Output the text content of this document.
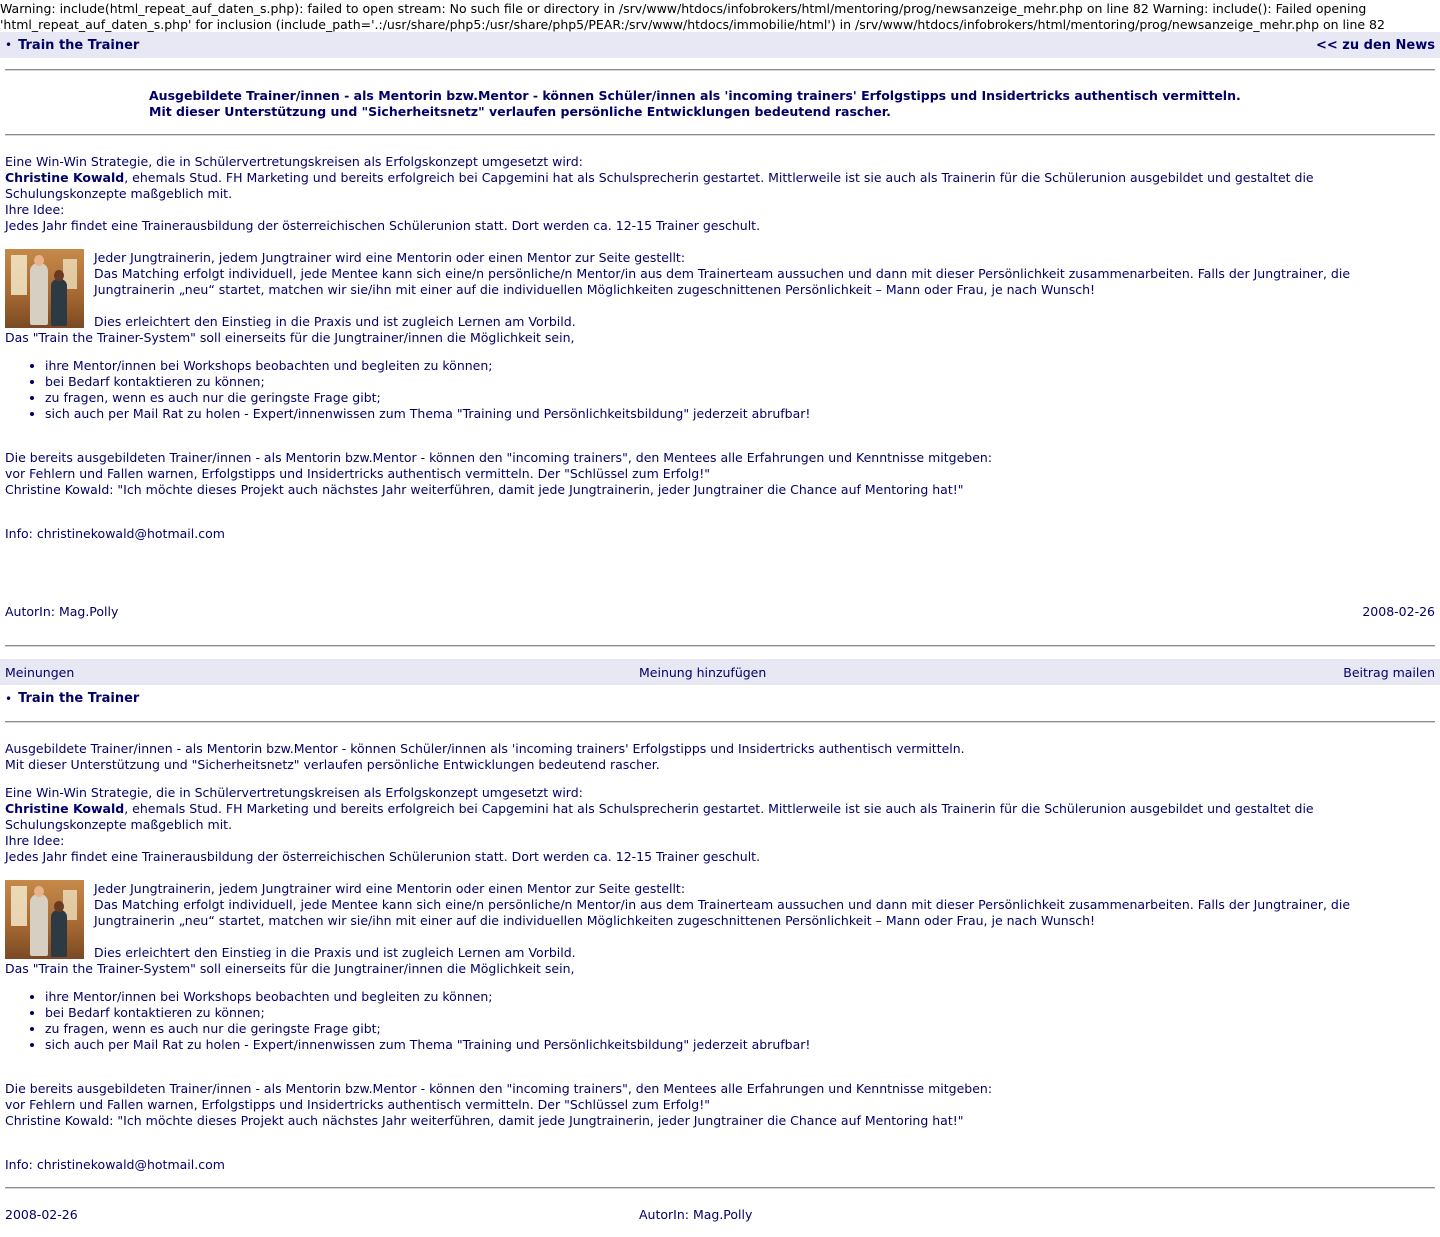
Warning: include(html_repeat_auf_daten_s.php): failed to open stream: No such file or directory in /srv/www/htdocs/infobrokers/html/mentoring/prog/newsanzeige_mehr.php on line 82 Warning: include(): Failed opening 'html_repeat_auf_daten_s.php' for inclusion (include_path='.:/usr/share/php5:/usr/share/php5/PEAR:/srv/www/htdocs/immobilie/html') in /srv/www/htdocs/infobrokers/html/mentoring/prog/newsanzeige_mehr.php on line 82
• Train the Trainer	<< zu den News
Ausgebildete Trainer/innen - als Mentorin bzw.Mentor - können Schüler/innen als 'incoming trainers' Erfolgstipps und Insidertricks authentisch vermitteln.
Mit dieser Unterstützung und "Sicherheitsnetz" verlaufen persönliche Entwicklungen bedeutend rascher.

Eine Win-Win Strategie, die in Schülervertretungskreisen als Erfolgskonzept umgesetzt wird:

Christine Kowald, ehemals Stud. FH Marketing und bereits erfolgreich bei Capgemini hat als Schulsprecherin gestartet. Mittlerweile ist sie auch als Trainerin für die Schülerunion ausgebildet und gestaltet die Schulungskonzepte maßgeblich mit.

Ihre Idee:

Jedes Jahr findet eine Trainerausbildung der österreichischen Schülerunion statt. Dort werden ca. 12-15 Trainer geschult.

Jeder Jungtrainerin, jedem Jungtrainer wird eine Mentorin oder einen Mentor zur Seite gestellt:

Das Matching erfolgt individuell, jede Mentee kann sich eine/n persönliche/n Mentor/in aus dem Trainerteam aussuchen und dann mit dieser Persönlichkeit zusammenarbeiten. Falls der Jungtrainer, die Jungtrainerin „neu“ startet, matchen wir sie/ihn mit einer auf die individuellen Möglichkeiten zugeschnittenen Persönlichkeit – Mann oder Frau, je nach Wunsch!

Dies erleichtert den Einstieg in die Praxis und ist zugleich Lernen am Vorbild.

Das "Train the Trainer-System" soll einerseits für die Jungtrainer/innen die Möglichkeit sein,
• ihre Mentor/innen bei Workshops beobachten und begleiten zu können;
• bei Bedarf kontaktieren zu können;
• zu fragen, wenn es auch nur die geringste Frage gibt;
• sich auch per Mail Rat zu holen - Expert/innenwissen zum Thema "Training und Persönlichkeitsbildung" jederzeit abrufbar!

Die bereits ausgebildeten Trainer/innen - als Mentorin bzw.Mentor - können den "incoming trainers", den Mentees alle Erfahrungen und Kenntnisse mitgeben:

vor Fehlern und Fallen warnen, Erfolgstipps und Insidertricks authentisch vermitteln. Der "Schlüssel zum Erfolg!"

Christine Kowald: "Ich möchte dieses Projekt auch nächstes Jahr weiterführen, damit jede Jungtrainerin, jeder Jungtrainer die Chance auf Mentoring hat!"

Info: christinekowald@hotmail.com
AutorIn: Mag.Polly	2008-02-26
Meinungen	Meinung hinzufügen	Beitrag mailen
• Train the Trainer

Ausgebildete Trainer/innen - als Mentorin bzw.Mentor - können Schüler/innen als 'incoming trainers' Erfolgstipps und Insidertricks authentisch vermitteln.

Mit dieser Unterstützung und "Sicherheitsnetz" verlaufen persönliche Entwicklungen bedeutend rascher.

Eine Win-Win Strategie, die in Schülervertretungskreisen als Erfolgskonzept umgesetzt wird:

Christine Kowald, ehemals Stud. FH Marketing und bereits erfolgreich bei Capgemini hat als Schulsprecherin gestartet. Mittlerweile ist sie auch als Trainerin für die Schülerunion ausgebildet und gestaltet die Schulungskonzepte maßgeblich mit.

Ihre Idee:

Jedes Jahr findet eine Trainerausbildung der österreichischen Schülerunion statt. Dort werden ca. 12-15 Trainer geschult.

Jeder Jungtrainerin, jedem Jungtrainer wird eine Mentorin oder einen Mentor zur Seite gestellt:

Das Matching erfolgt individuell, jede Mentee kann sich eine/n persönliche/n Mentor/in aus dem Trainerteam aussuchen und dann mit dieser Persönlichkeit zusammenarbeiten. Falls der Jungtrainer, die Jungtrainerin „neu“ startet, matchen wir sie/ihn mit einer auf die individuellen Möglichkeiten zugeschnittenen Persönlichkeit – Mann oder Frau, je nach Wunsch!

Dies erleichtert den Einstieg in die Praxis und ist zugleich Lernen am Vorbild.

Das "Train the Trainer-System" soll einerseits für die Jungtrainer/innen die Möglichkeit sein,
• ihre Mentor/innen bei Workshops beobachten und begleiten zu können;
• bei Bedarf kontaktieren zu können;
• zu fragen, wenn es auch nur die geringste Frage gibt;
• sich auch per Mail Rat zu holen - Expert/innenwissen zum Thema "Training und Persönlichkeitsbildung" jederzeit abrufbar!

Die bereits ausgebildeten Trainer/innen - als Mentorin bzw.Mentor - können den "incoming trainers", den Mentees alle Erfahrungen und Kenntnisse mitgeben:

vor Fehlern und Fallen warnen, Erfolgstipps und Insidertricks authentisch vermitteln. Der "Schlüssel zum Erfolg!"

Christine Kowald: "Ich möchte dieses Projekt auch nächstes Jahr weiterführen, damit jede Jungtrainerin, jeder Jungtrainer die Chance auf Mentoring hat!"

Info: christinekowald@hotmail.com
2008-02-26	AutorIn: Mag.Polly
